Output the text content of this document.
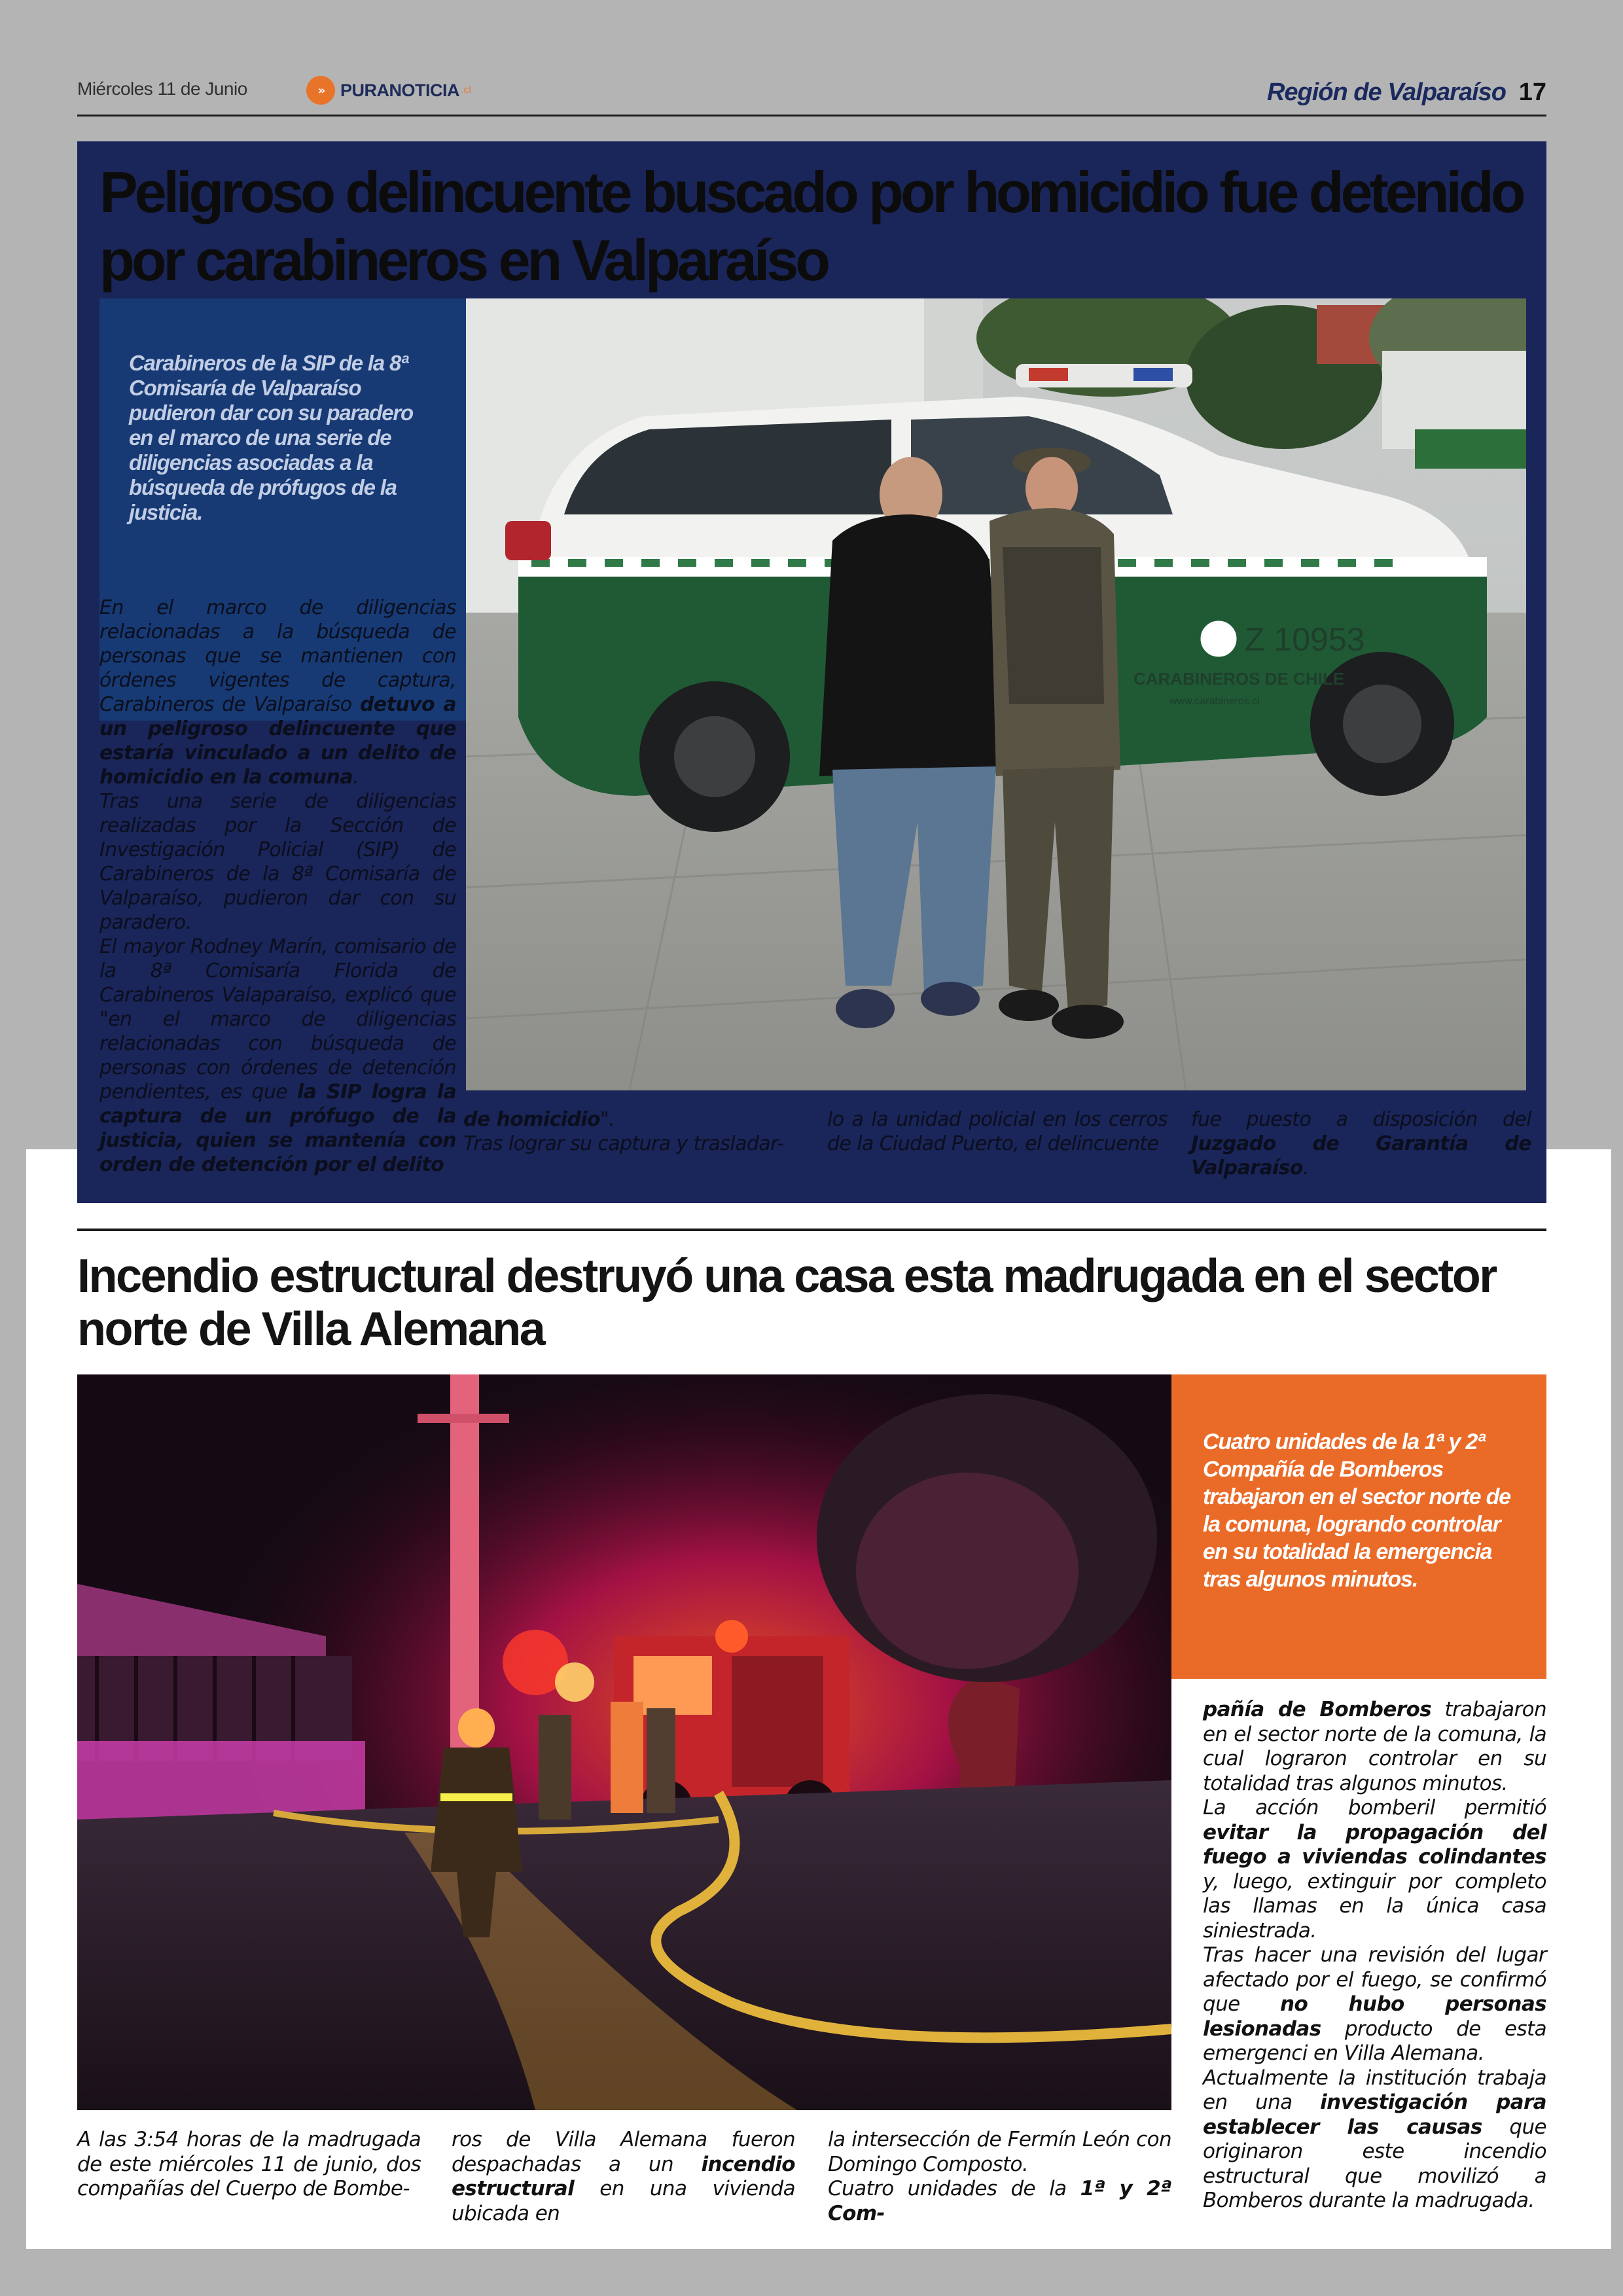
Miércoles 11 de Junio	» PURANOTICIA .cl	Región de Valparaíso 17
Peligroso delincuente buscado por homicidio fue detenido por carabineros en Valparaíso
Carabineros de la SIP de la 8ª Comisaría de Valparaíso pudieron dar con su paradero en el marco de una serie de diligencias asociadas a la búsqueda de prófugos de la justicia.
Z 10953
CARABINEROS DE CHILE
www.carabineros.cl
En el marco de diligencias relacionadas a la búsqueda de personas que se mantienen con órdenes vigentes de captura, Carabineros de Valparaíso detuvo a un peligroso delincuente que estaría vinculado a un delito de homicidio en la comuna.
Tras una serie de diligencias realizadas por la Sección de Investigación Policial (SIP) de Carabineros de la 8ª Comisaría de Valparaíso, pudieron dar con su paradero.
El mayor Rodney Marín, comisario de la 8ª Comisaría Florida de Carabineros Valaparaíso, explicó que "en el marco de diligencias relacionadas con búsqueda de personas con órdenes de detención pendientes, es que la SIP logra la captura de un prófugo de la justicia, quien se mantenía con orden de detención por el delito
de homicidio".
Tras lograr su captura y trasladar-
lo a la unidad policial en los cerros de la Ciudad Puerto, el delincuente
fue puesto a disposición del Juzgado de Garantía de Valparaíso.
Incendio estructural destruyó una casa esta madrugada en el sector norte de Villa Alemana
Cuatro unidades de la 1ª y 2ª Compañía de Bomberos trabajaron en el sector norte de la comuna, logrando controlar en su totalidad la emergencia tras algunos minutos.
A las 3:54 horas de la madrugada de este miércoles 11 de junio, dos compañías del Cuerpo de Bombe-
ros de Villa Alemana fueron despachadas a un incendio estructural en una vivienda ubicada en
la intersección de Fermín León con Domingo Composto.
Cuatro unidades de la 1ª y 2ª Com-
pañía de Bomberos trabajaron en el sector norte de la comuna, la cual lograron controlar en su totalidad tras algunos minutos.
La acción bomberil permitió evitar la propagación del fuego a viviendas colindantes y, luego, extinguir por completo las llamas en la única casa siniestrada.
Tras hacer una revisión del lugar afectado por el fuego, se confirmó que no hubo personas lesionadas producto de esta emergenci en Villa Alemana.
Actualmente la institución trabaja en una investigación para establecer las causas que originaron este incendio estructural que movilizó a Bomberos durante la madrugada.
